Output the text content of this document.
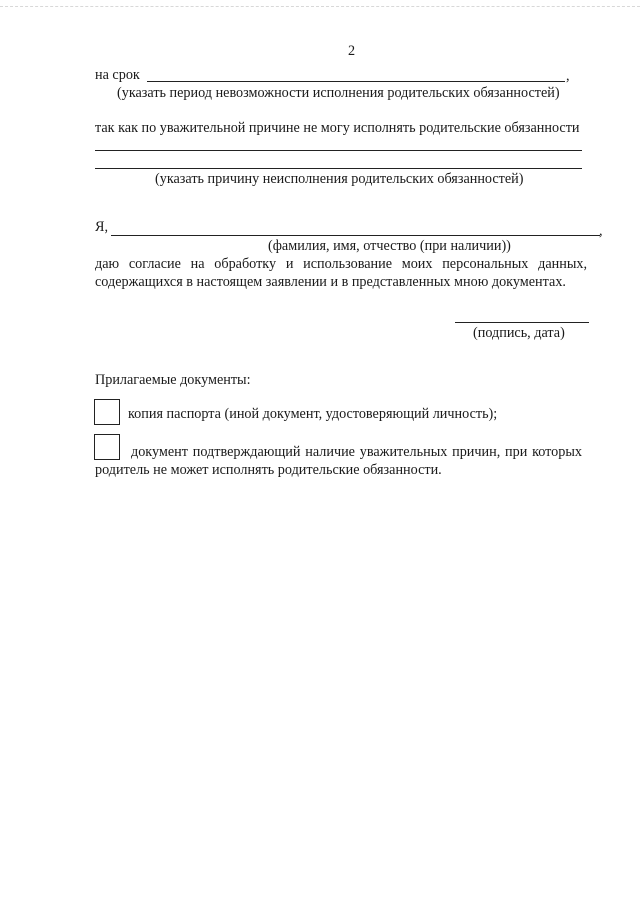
2
на срок	,
(указать период невозможности исполнения родительских обязанностей)
так как по уважительной причине не могу исполнять родительские обязанности
(указать причину неисполнения родительских обязанностей)
Я,	,
(фамилия, имя, отчество (при наличии))
даю согласие на обработку и использование моих персональных данных,
содержащихся в настоящем заявлении и в представленных мною документах.
(подпись, дата)
Прилагаемые документы:
копия паспорта (иной документ, удостоверяющий личность);
документ подтверждающий наличие уважительных причин, при которых
родитель не может исполнять родительские обязанности.
